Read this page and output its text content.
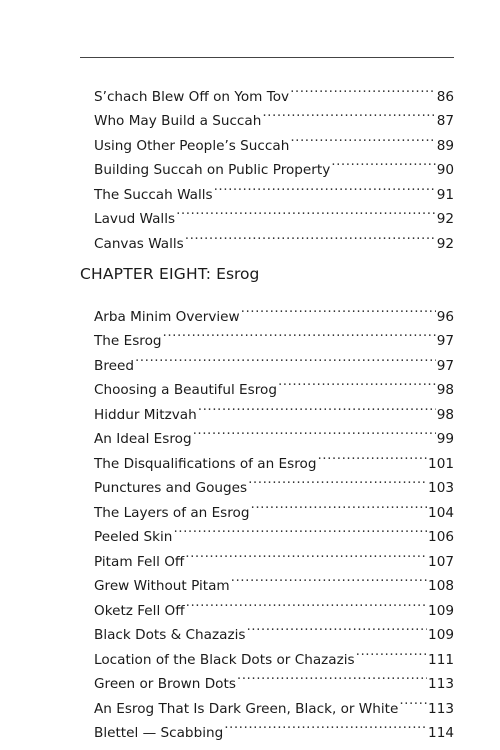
S’chach Blew Off on Yom Tov .....	86
Who May Build a Succah .....	87
Using Other People’s Succah .....	89
Building Succah on Public Property .....	90
The Succah Walls .....	91
Lavud Walls .....	92
Canvas Walls .....	92
CHAPTER EIGHT: Esrog
Arba Minim Overview .....	96
The Esrog .....	97
Breed .....	97
Choosing a Beautiful Esrog .....	98
Hiddur Mitzvah .....	98
An Ideal Esrog .....	99
The Disqualifications of an Esrog .....	101
Punctures and Gouges .....	103
The Layers of an Esrog .....	104
Peeled Skin .....	106
Pitam Fell Off .....	107
Grew Without Pitam .....	108
Oketz Fell Off .....	109
Black Dots & Chazazis .....	109
Location of the Black Dots or Chazazis .....	111
Green or Brown Dots .....	113
An Esrog That Is Dark Green, Black, or White ..... 113
Blettel — Scabbing .....	114
